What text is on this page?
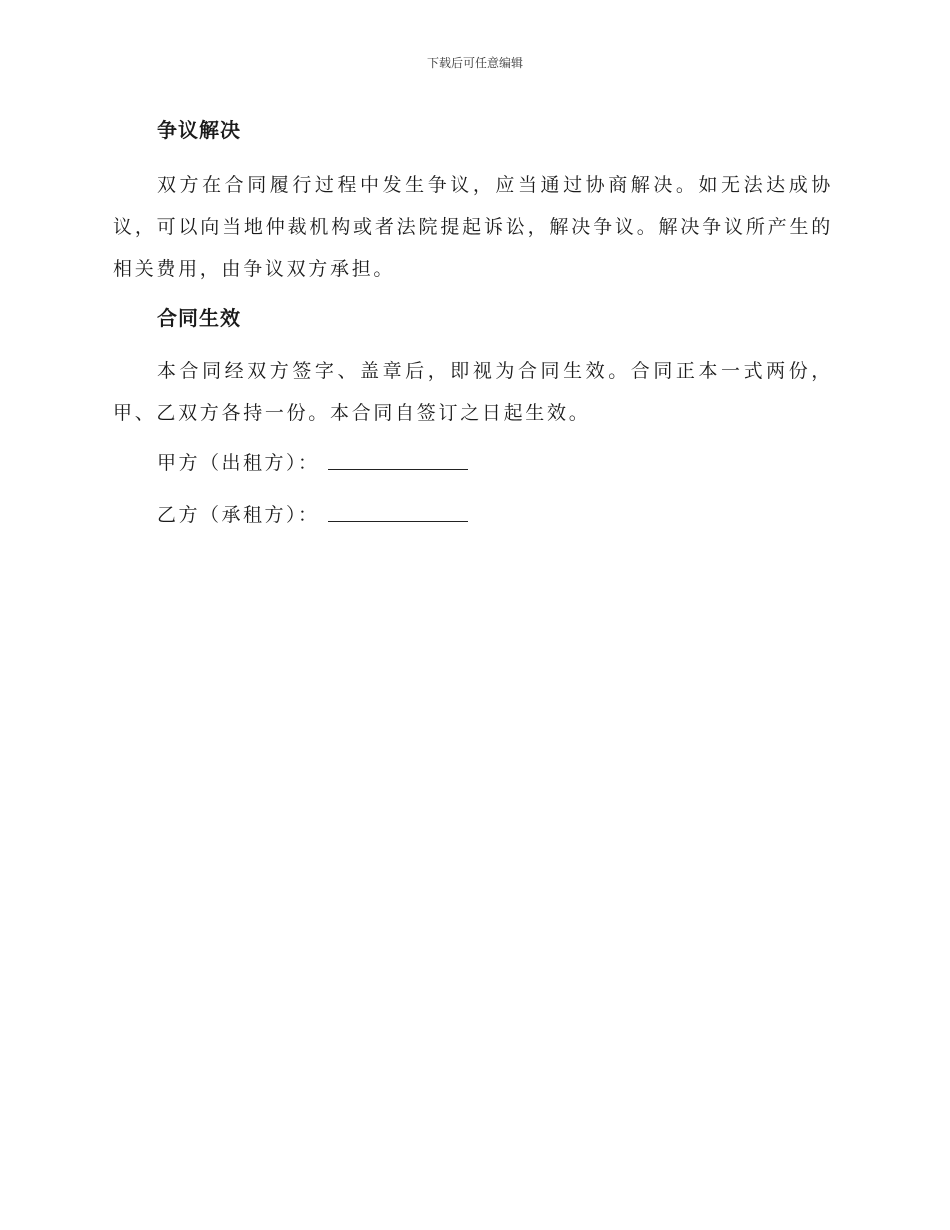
下载后可任意编辑
争议解决

双方在合同履行过程中发生争议，应当通过协商解决。如无法达成协议，可以向当地仲裁机构或者法院提起诉讼，解决争议。解决争议所产生的相关费用，由争议双方承担。

合同生效

本合同经双方签字、盖章后，即视为合同生效。合同正本一式两份，甲、乙双方各持一份。本合同自签订之日起生效。

甲方（出租方）：
乙方（承租方）：
